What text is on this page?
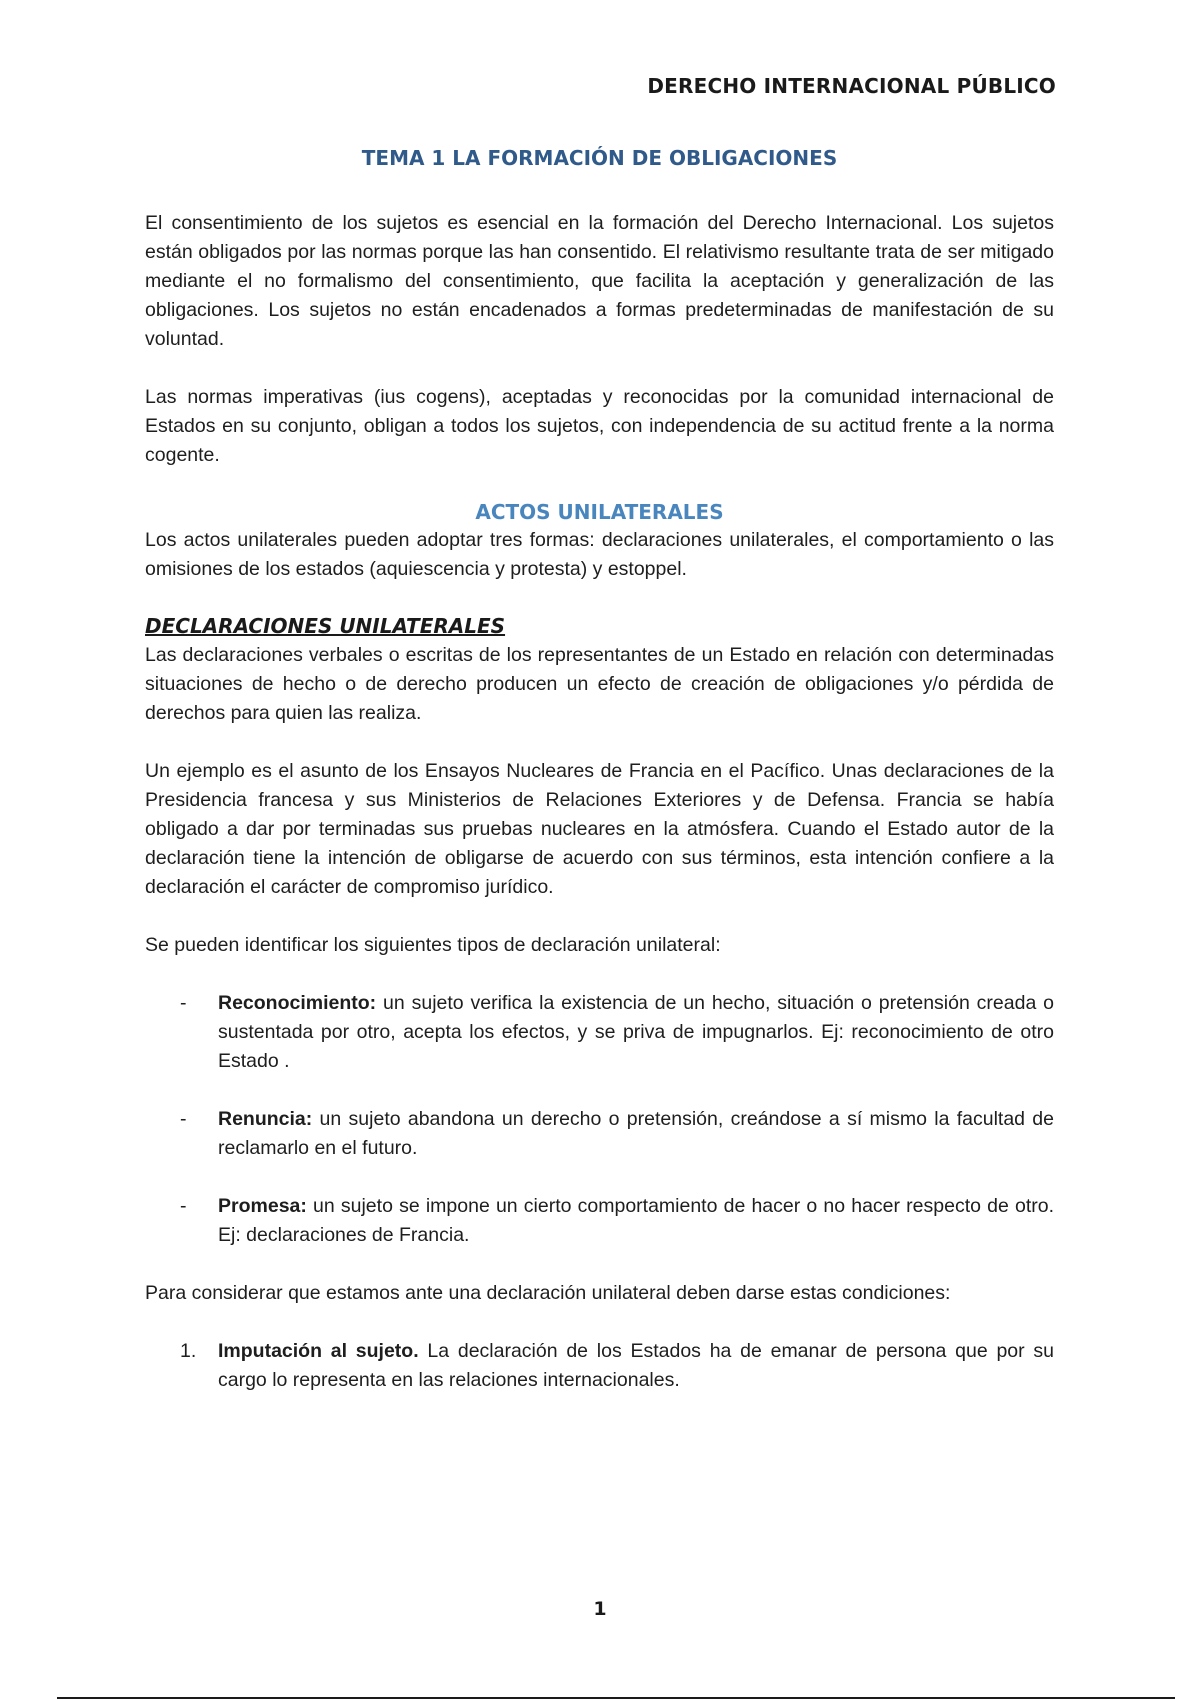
DERECHO INTERNACIONAL PÚBLICO
TEMA 1 LA FORMACIÓN DE OBLIGACIONES

El consentimiento de los sujetos es esencial en la formación del Derecho Internacional. Los sujetos están obligados por las normas porque las han consentido. El relativismo resultante trata de ser mitigado mediante el no formalismo del consentimiento, que facilita la aceptación y generalización de las obligaciones. Los sujetos no están encadenados a formas predeterminadas de manifestación de su voluntad.

Las normas imperativas (ius cogens), aceptadas y reconocidas por la comunidad internacional de Estados en su conjunto, obligan a todos los sujetos, con independencia de su actitud frente a la norma cogente.

ACTOS UNILATERALES

Los actos unilaterales pueden adoptar tres formas: declaraciones unilaterales, el comportamiento o las omisiones de los estados (aquiescencia y protesta) y estoppel.

DECLARACIONES UNILATERALES

Las declaraciones verbales o escritas de los representantes de un Estado en relación con determinadas situaciones de hecho o de derecho producen un efecto de creación de obligaciones y/o pérdida de derechos para quien las realiza.

Un ejemplo es el asunto de los Ensayos Nucleares de Francia en el Pacífico. Unas declaraciones de la Presidencia francesa y sus Ministerios de Relaciones Exteriores y de Defensa. Francia se había obligado a dar por terminadas sus pruebas nucleares en la atmósfera. Cuando el Estado autor de la declaración tiene la intención de obligarse de acuerdo con sus términos, esta intención confiere a la declaración el carácter de compromiso jurídico.

Se pueden identificar los siguientes tipos de declaración unilateral:

- Reconocimiento: un sujeto verifica la existencia de un hecho, situación o pretensión creada o sustentada por otro, acepta los efectos, y se priva de impugnarlos. Ej: reconocimiento de otro Estado .
- Renuncia: un sujeto abandona un derecho o pretensión, creándose a sí mismo la facultad de reclamarlo en el futuro.
- Promesa: un sujeto se impone un cierto comportamiento de hacer o no hacer respecto de otro. Ej: declaraciones de Francia.

Para considerar que estamos ante una declaración unilateral deben darse estas condiciones:

1. Imputación al sujeto. La declaración de los Estados ha de emanar de persona que por su cargo lo representa en las relaciones internacionales.
1
